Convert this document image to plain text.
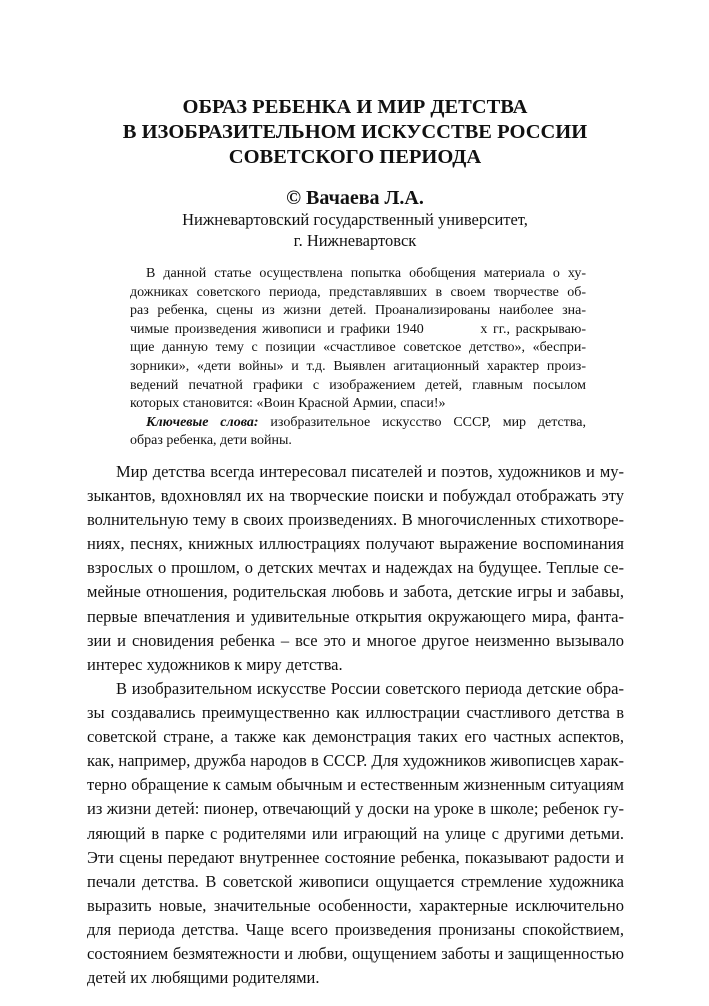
ОБРАЗ РЕБЕНКА И МИР ДЕТСТВА
В ИЗОБРАЗИТЕЛЬНОМ ИСКУССТВЕ РОССИИ
СОВЕТСКОГО ПЕРИОДА
© Вачаева Л.А.
Нижневартовский государственный университет,
г. Нижневартовск
В данной статье осуществлена попытка обобщения материала о ху-
дожниках советского периода, представлявших в своем творчестве об-
раз ребенка, сцены из жизни детей. Проанализированы наиболее зна-
чимые произведения живописи и графики 1940          х гг., раскрываю-
щие данную тему с позиции «счастливое советское детство», «беспри-
зорники», «дети войны» и т.д. Выявлен агитационный характер произ-
ведений печатной графики с изображением детей, главным посылом
которых становится: «Воин Красной Армии, спаси!»
Ключевые слова: изобразительное искусство СССР, мир детства,
образ ребенка, дети войны.
Мир детства всегда интересовал писателей и поэтов, художников и му-
зыкантов, вдохновлял их на творческие поиски и побуждал отображать эту
волнительную тему в своих произведениях. В многочисленных стихотворе-
ниях, песнях, книжных иллюстрациях получают выражение воспоминания
взрослых о прошлом, о детских мечтах и надеждах на будущее. Теплые се-
мейные отношения, родительская любовь и забота, детские игры и забавы,
первые впечатления и удивительные открытия окружающего мира, фанта-
зии и сновидения ребенка – все это и многое другое неизменно вызывало
интерес художников к миру детства.
В изобразительном искусстве России советского периода детские обра-
зы создавались преимущественно как иллюстрации счастливого детства в
советской стране, а также как демонстрация таких его частных аспектов,
как, например, дружба народов в СССР. Для художников живописцев харак-
терно обращение к самым обычным и естественным жизненным ситуациям
из жизни детей: пионер, отвечающий у доски на уроке в школе; ребенок гу-
ляющий в парке с родителями или играющий на улице с другими детьми.
Эти сцены передают внутреннее состояние ребенка, показывают радости и
печали детства. В советской живописи ощущается стремление художника
выразить новые, значительные особенности, характерные исключительно
для периода детства. Чаще всего произведения пронизаны спокойствием,
состоянием безмятежности и любви, ощущением заботы и защищенностью
детей их любящими родителями.
